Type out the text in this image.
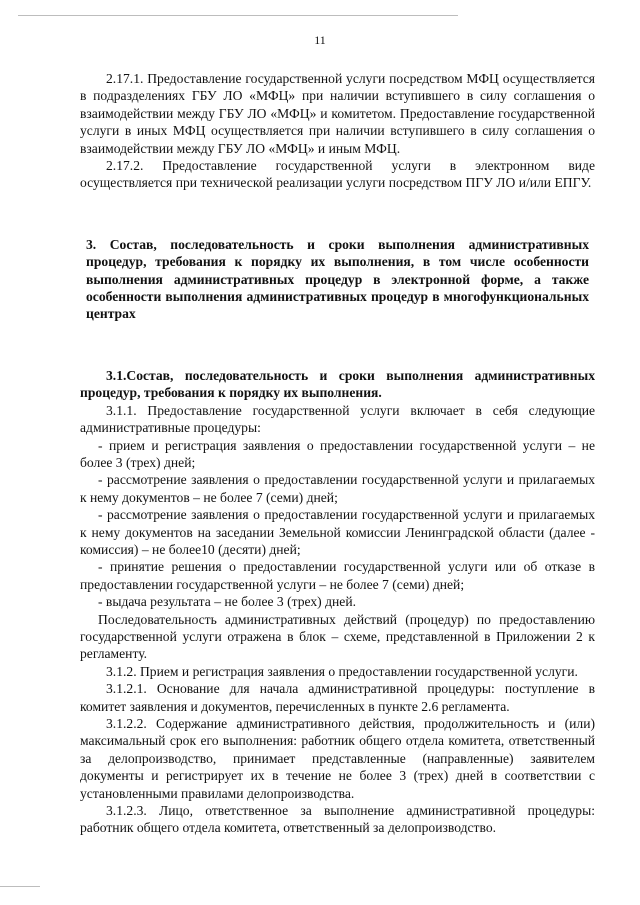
11

2.17.1. Предоставление государственной услуги посредством МФЦ осуществляется в подразделениях ГБУ ЛО «МФЦ» при наличии вступившего в силу соглашения о взаимодействии между ГБУ ЛО «МФЦ» и комитетом. Предоставление государственной услуги в иных МФЦ осуществляется при наличии вступившего в силу соглашения о взаимодействии между ГБУ ЛО «МФЦ» и иным МФЦ.

2.17.2. Предоставление государственной услуги в электронном виде осуществляется при технической реализации услуги посредством ПГУ ЛО и/или ЕПГУ.

3. Состав, последовательность и сроки выполнения административных процедур, требования к порядку их выполнения, в том числе особенности выполнения административных процедур в электронной форме, а также особенности выполнения административных процедур в многофункциональных центрах

3.1.Состав, последовательность и сроки выполнения административных процедур, требования к порядку их выполнения.

3.1.1. Предоставление государственной услуги включает в себя следующие административные процедуры:

- прием и регистрация заявления о предоставлении государственной услуги – не более 3 (трех) дней;

- рассмотрение заявления о предоставлении государственной услуги и прилагаемых к нему документов – не более 7 (семи) дней;

- рассмотрение заявления о предоставлении государственной услуги и прилагаемых к нему документов на заседании Земельной комиссии Ленинградской области (далее - комиссия) – не более10 (десяти) дней;

- принятие решения о предоставлении государственной услуги или об отказе в предоставлении государственной услуги – не более 7 (семи) дней;

- выдача результата – не более 3 (трех) дней.

Последовательность административных действий (процедур) по предоставлению государственной услуги отражена в блок – схеме, представленной в Приложении 2 к регламенту.

3.1.2. Прием и регистрация заявления о предоставлении государственной услуги.

3.1.2.1. Основание для начала административной процедуры: поступление в комитет заявления и документов, перечисленных в пункте 2.6 регламента.

3.1.2.2. Содержание административного действия, продолжительность и (или) максимальный срок его выполнения: работник общего отдела комитета, ответственный за делопроизводство, принимает представленные (направленные) заявителем документы и регистрирует их в течение не более 3 (трех) дней в соответствии с установленными правилами делопроизводства.

3.1.2.3. Лицо, ответственное за выполнение административной процедуры: работник общего отдела комитета, ответственный за делопроизводство.
